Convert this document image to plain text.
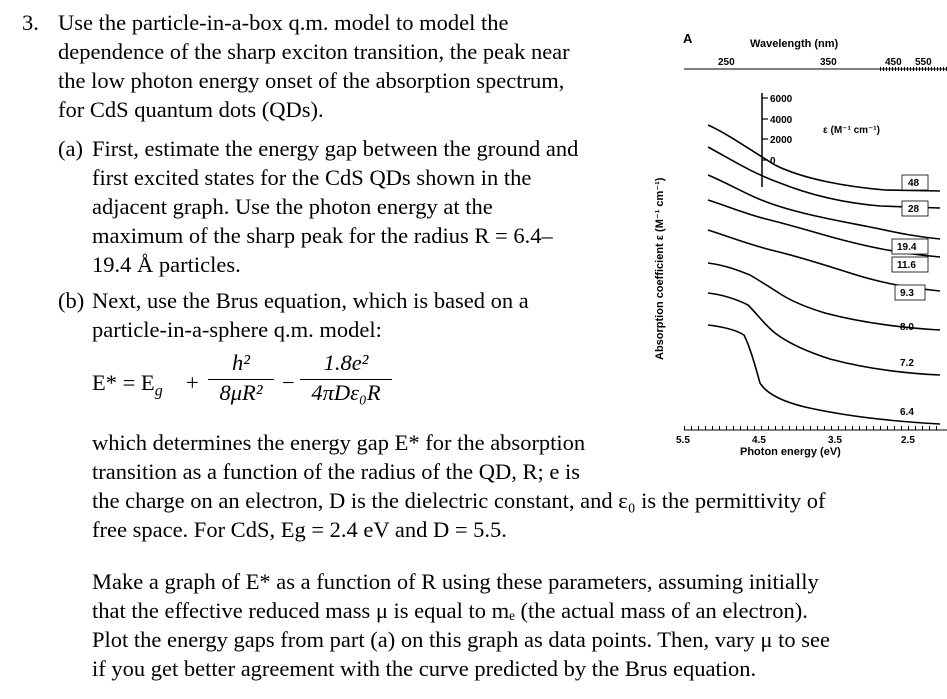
3. Use the particle-in-a-box q.m. model to model the
dependence of the sharp exciton transition, the peak near
the low photon energy onset of the absorption spectrum,
for CdS quantum dots (QDs).
(a) First, estimate the energy gap between the ground and
first excited states for the CdS QDs shown in the
adjacent graph. Use the photon energy at the
maximum of the sharp peak for the radius R = 6.4–
19.4 Å particles.
(b) Next, use the Brus equation, which is based on a
particle-in-a-sphere q.m. model:
$E* = E_g + \frac{\text{h²}}{\text{8μR²}}$ −
1.8e²
4πDε₀R
which determines the energy gap E* for the absorption
transition as a function of the radius of the QD, R; e is
the charge on an electron, D is the dielectric constant, and ε₀ is the permittivity of
free space. For CdS, Eg = 2.4 eV and D = 5.5.
Make a graph of E* as a function of R using these parameters, assuming initially
that the effective reduced mass μ is equal to mₑ (the actual mass of an electron).
Plot the energy gaps from part (a) on this graph as data points. Then, vary μ to see
if you get better agreement with the curve predicted by the Brus equation.
A	Wavelength (nm)
250	350	450 550
Absorption coefficient ε (M⁻¹ cm⁻¹)
6000
4000
2000
0
ε (M⁻¹ cm⁻¹)
48
28
19.4
11.6
9.3
8.0
7.2
6.4
5.5	4.5	3.5	2.5
Photon energy (eV)
